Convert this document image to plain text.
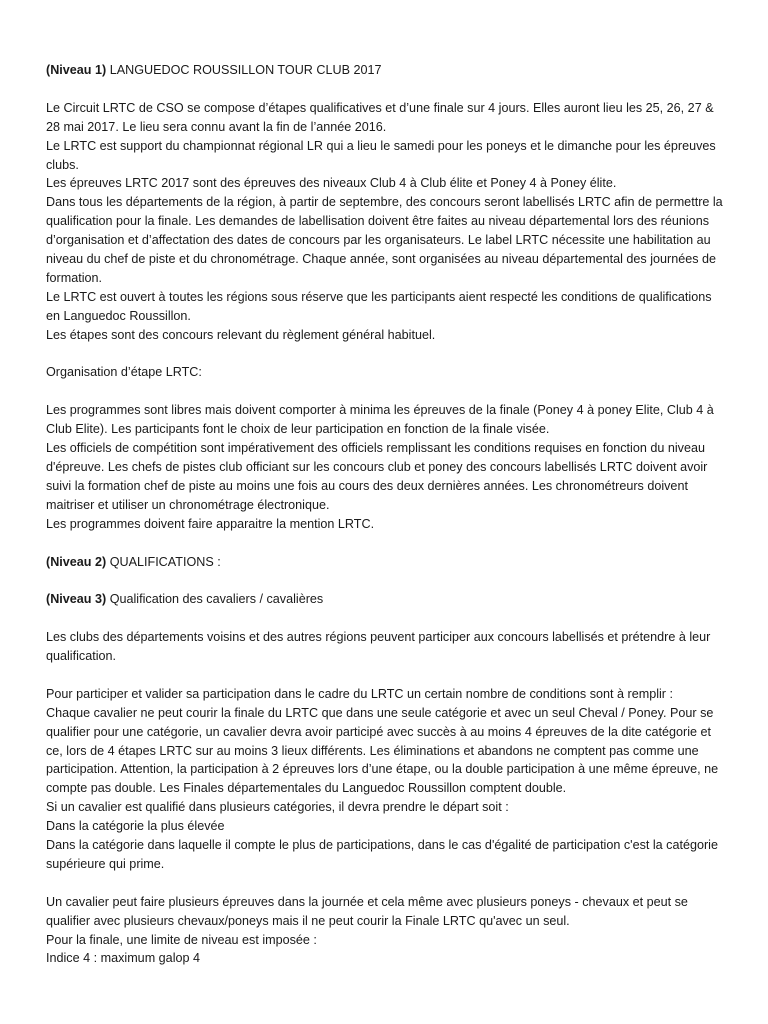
(Niveau 1) LANGUEDOC ROUSSILLON TOUR CLUB 2017

Le Circuit LRTC de CSO se compose d’étapes qualificatives et d’une finale sur 4 jours. Elles auront lieu les 25, 26, 27 & 28 mai 2017. Le lieu sera connu avant la fin de l’année 2016.

Le LRTC est support du championnat régional LR qui a lieu le samedi pour les poneys et le dimanche pour les épreuves clubs.

Les épreuves LRTC 2017 sont des épreuves des niveaux Club 4 à Club élite et Poney 4 à Poney élite.

Dans tous les départements de la région, à partir de septembre, des concours seront labellisés LRTC afin de permettre la qualification pour la finale. Les demandes de labellisation doivent être faites au niveau départemental lors des réunions d’organisation et d’affectation des dates de concours par les organisateurs. Le label LRTC nécessite une habilitation au niveau du chef de piste et du chronométrage. Chaque année, sont organisées au niveau départemental des journées de formation.

Le LRTC est ouvert à toutes les régions sous réserve que les participants aient respecté les conditions de qualifications en Languedoc Roussillon.

Les étapes sont des concours relevant du règlement général habituel.

Organisation d’étape LRTC:

Les programmes sont libres mais doivent comporter à minima les épreuves de la finale (Poney 4 à poney Elite, Club 4 à Club Elite). Les participants font le choix de leur participation en fonction de la finale visée.

Les officiels de compétition sont impérativement des officiels remplissant les conditions requises en fonction du niveau d'épreuve. Les chefs de pistes club officiant sur les concours club et poney des concours labellisés LRTC doivent avoir suivi la formation chef de piste au moins une fois au cours des deux dernières années. Les chronométreurs doivent maitriser et utiliser un chronométrage électronique.

Les programmes doivent faire apparaitre la mention LRTC.

(Niveau 2) QUALIFICATIONS :

(Niveau 3) Qualification des cavaliers / cavalières

Les clubs des départements voisins et des autres régions peuvent participer aux concours labellisés et prétendre à leur qualification.

Pour participer et valider sa participation dans le cadre du LRTC un certain nombre de conditions sont à remplir :

Chaque cavalier ne peut courir la finale du LRTC que dans une seule catégorie et avec un seul Cheval / Poney. Pour se qualifier pour une catégorie, un cavalier devra avoir participé avec succès à au moins 4 épreuves de la dite catégorie et ce, lors de 4 étapes LRTC sur au moins 3 lieux différents. Les éliminations et abandons ne comptent pas comme une participation. Attention, la participation à 2 épreuves lors d’une étape, ou la double participation à une même épreuve, ne compte pas double. Les Finales départementales du Languedoc Roussillon comptent double.

Si un cavalier est qualifié dans plusieurs catégories, il devra prendre le départ soit :

Dans la catégorie la plus élevée

Dans la catégorie dans laquelle il compte le plus de participations, dans le cas d'égalité de participation c'est la catégorie supérieure qui prime.

Un cavalier peut faire plusieurs épreuves dans la journée et cela même avec plusieurs poneys - chevaux et peut se qualifier avec plusieurs chevaux/poneys mais il ne peut courir la Finale LRTC qu'avec un seul.

Pour la finale, une limite de niveau est imposée :

Indice 4 : maximum galop 4
